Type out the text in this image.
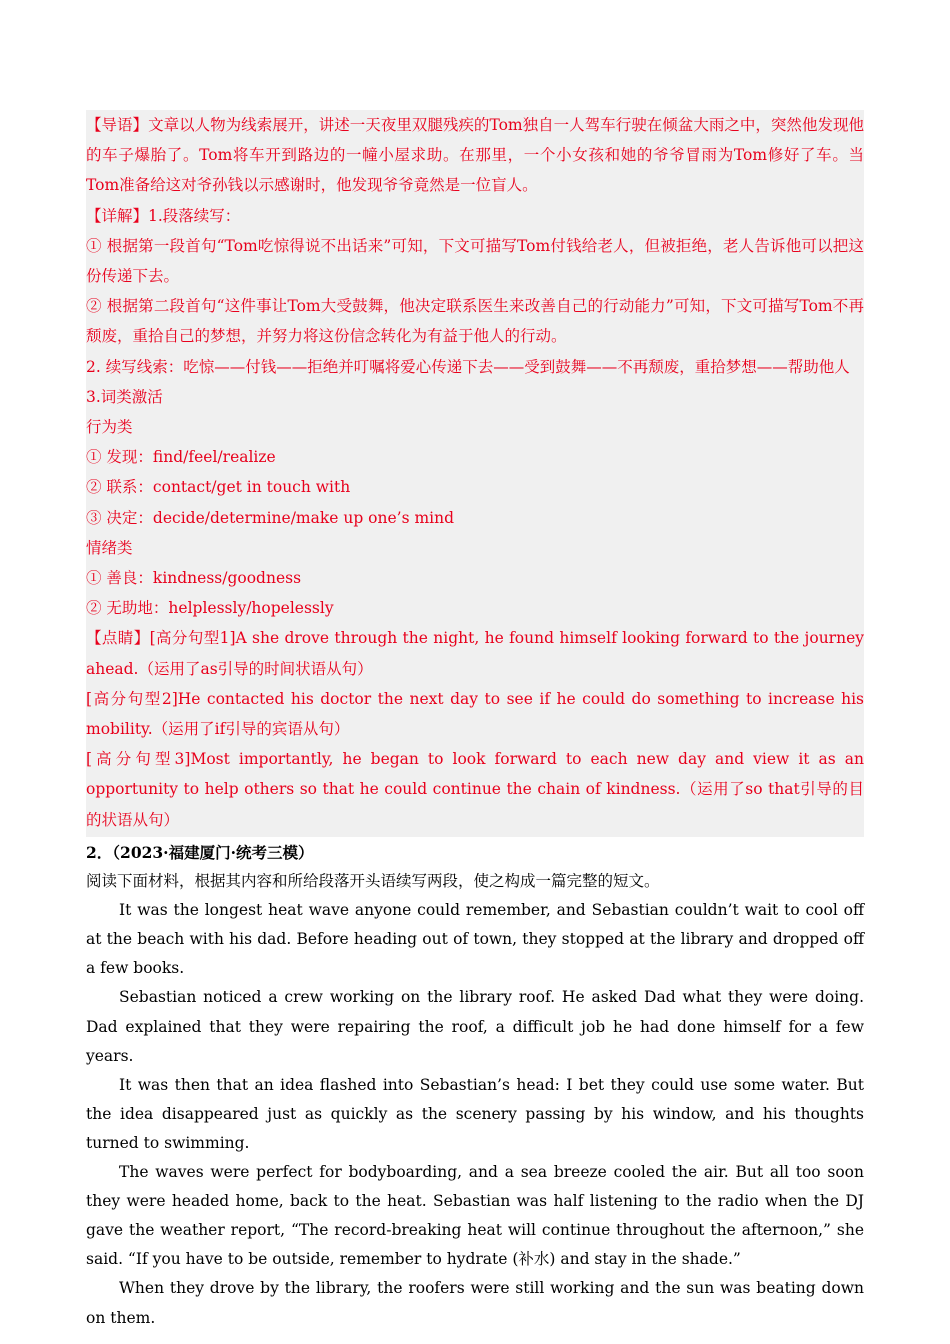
【导语】文章以人物为线索展开，讲述一天夜里双腿残疾的Tom独自一人驾车行驶在倾盆大雨之中，突然他发现他的车子爆胎了。Tom将车开到路边的一幢小屋求助。在那里，一个小女孩和她的爷爷冒雨为Tom修好了车。当Tom准备给这对爷孙钱以示感谢时，他发现爷爷竟然是一位盲人。

【详解】1.段落续写：

① 根据第一段首句“Tom吃惊得说不出话来”可知，下文可描写Tom付钱给老人，但被拒绝，老人告诉他可以把这份传递下去。

② 根据第二段首句“这件事让Tom大受鼓舞，他决定联系医生来改善自己的行动能力”可知，下文可描写Tom不再颓废，重拾自己的梦想，并努力将这份信念转化为有益于他人的行动。

2. 续写线索：吃惊——付钱——拒绝并叮嘱将爱心传递下去——受到鼓舞——不再颓废，重拾梦想——帮助他人

3.词类激活

行为类

① 发现：find/feel/realize

② 联系：contact/get in touch with

③ 决定：decide/determine/make up one’s mind

情绪类

① 善良：kindness/goodness

② 无助地：helplessly/hopelessly

【点睛】[高分句型1]A she drove through the night, he found himself looking forward to the journey ahead.（运用了as引导的时间状语从句）

[高分句型2]He contacted his doctor the next day to see if he could do something to increase his mobility.（运用了if引导的宾语从句）

[高分句型3]Most importantly, he began to look forward to each new day and view it as an opportunity to help others so that he could continue the chain of kindness.（运用了so that引导的目的状语从句）

2．（2023·福建厦门·统考三模）

阅读下面材料，根据其内容和所给段落开头语续写两段，使之构成一篇完整的短文。

It was the longest heat wave anyone could remember, and Sebastian couldn’t wait to cool off at the beach with his dad. Before heading out of town, they stopped at the library and dropped off a few books.

Sebastian noticed a crew working on the library roof. He asked Dad what they were doing. Dad explained that they were repairing the roof, a difficult job he had done himself for a few years.

It was then that an idea flashed into Sebastian’s head: I bet they could use some water. But the idea disappeared just as quickly as the scenery passing by his window, and his thoughts turned to swimming.

The waves were perfect for bodyboarding, and a sea breeze cooled the air. But all too soon they were headed home, back to the heat. Sebastian was half listening to the radio when the DJ gave the weather report, “The record-breaking heat will continue throughout the afternoon,” she said. “If you have to be outside, remember to hydrate (补水) and stay in the shade.”

When they drove by the library, the roofers were still working and the sun was beating down on them.
